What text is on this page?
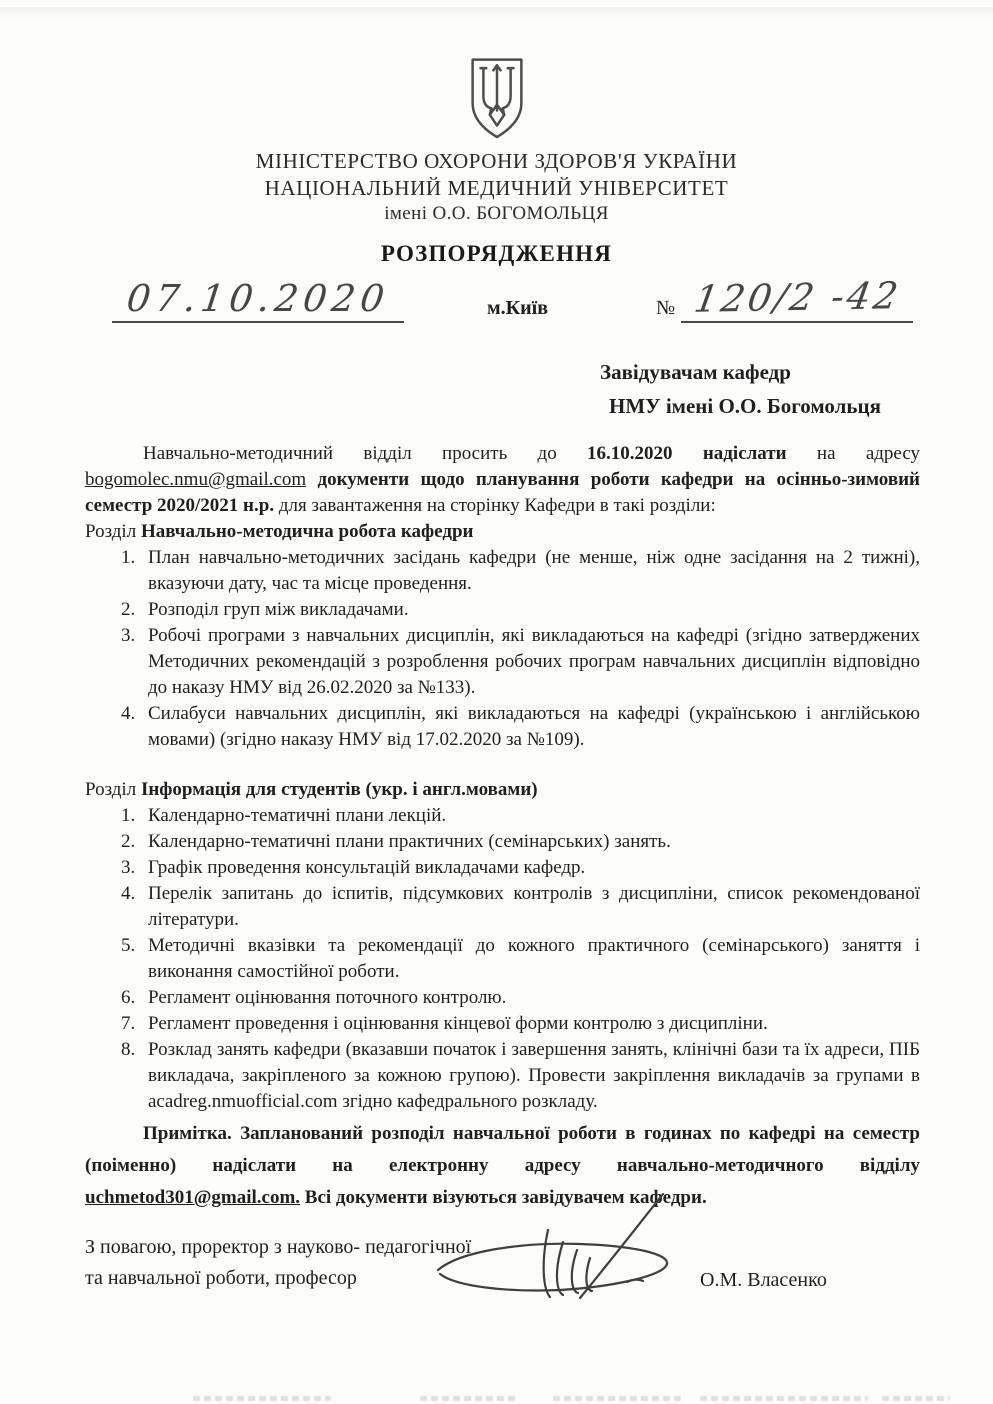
МІНІСТЕРСТВО ОХОРОНИ ЗДОРОВ'Я УКРАЇНИ
НАЦІОНАЛЬНИЙ МЕДИЧНИЙ УНІВЕРСИТЕТ
імені О.О. БОГОМОЛЬЦЯ
РОЗПОРЯДЖЕННЯ
07.10.2020	м.Київ	№ 120/2 -42
Завідувачам кафедр
НМУ імені О.О. Богомольця

Навчально-методичний відділ просить до 16.10.2020 надіслати на адресу bogomolec.nmu@gmail.com документи щодо планування роботи кафедри на осінньо-зимовий семестр 2020/2021 н.р. для завантаження на сторінку Кафедри в такі розділи:

Розділ Навчально-методична робота кафедри

1. План навчально-методичних засідань кафедри (не менше, ніж одне засідання на 2 тижні), вказуючи дату, час та місце проведення.
2. Розподіл груп між викладачами.
3. Робочі програми з навчальних дисциплін, які викладаються на кафедрі (згідно затверджених Методичних рекомендацій з розроблення робочих програм навчальних дисциплін відповідно до наказу НМУ від 26.02.2020 за №133).
4. Силабуси навчальних дисциплін, які викладаються на кафедрі (українською і англійською мовами) (згідно наказу НМУ від 17.02.2020 за №109).

Розділ Інформація для студентів (укр. і англ.мовами)

1. Календарно-тематичні плани лекцій.
2. Календарно-тематичні плани практичних (семінарських) занять.
3. Графік проведення консультацій викладачами кафедр.
4. Перелік запитань до іспитів, підсумкових контролів з дисципліни, список рекомендованої літератури.
5. Методичні вказівки та рекомендації до кожного практичного (семінарського) заняття і виконання самостійної роботи.
6. Регламент оцінювання поточного контролю.
7. Регламент проведення і оцінювання кінцевої форми контролю з дисципліни.
8. Розклад занять кафедри (вказавши початок і завершення занять, клінічні бази та їх адреси, ПІБ викладача, закріпленого за кожною групою). Провести закріплення викладачів за групами в acadreg.nmuofficial.com згідно кафедрального розкладу.

Примітка. Запланований розподіл навчальної роботи в годинах по кафедрі на семестр (поіменно) надіслати на електронну адресу навчально-методичного відділу uchmetod301@gmail.com. Всі документи візуються завідувачем кафедри.

З повагою, проректор з науково- педагогічної
та навчальної роботи, професор	О.М. Власенко
